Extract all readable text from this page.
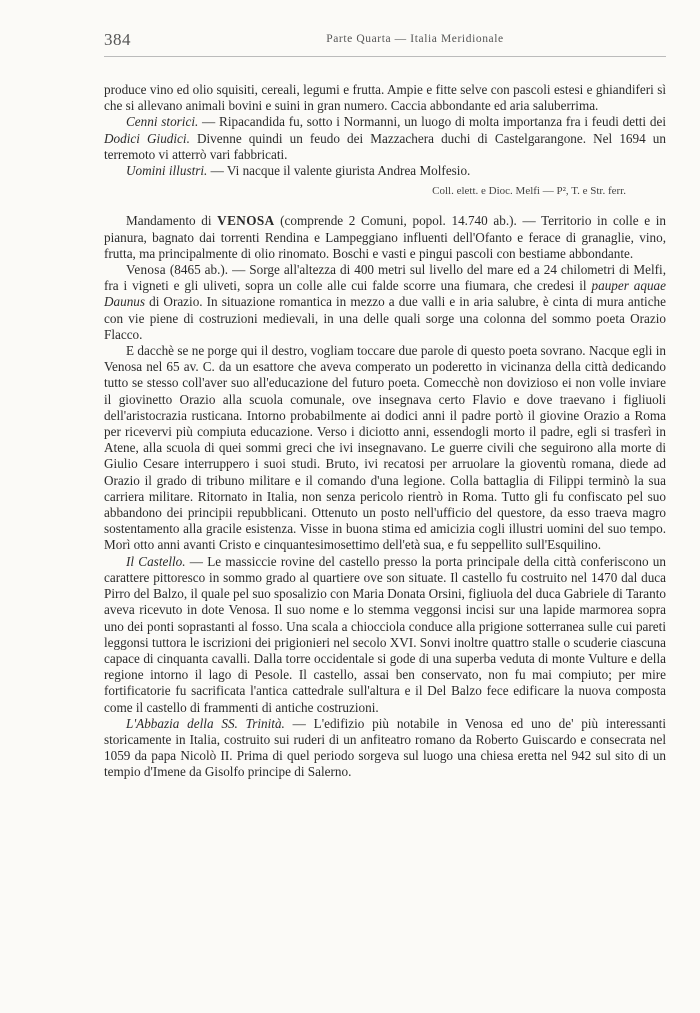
384	Parte Quarta — Italia Meridionale

produce vino ed olio squisiti, cereali, legumi e frutta. Ampie e fitte selve con pascoli estesi e ghiandiferi sì che si allevano animali bovini e suini in gran numero. Caccia abbondante ed aria saluberrima.

Cenni storici. — Ripacandida fu, sotto i Normanni, un luogo di molta importanza fra i feudi detti dei Dodici Giudici. Divenne quindi un feudo dei Mazzachera duchi di Castelgarangone. Nel 1694 un terremoto vi atterrò vari fabbricati.

Uomini illustri. — Vi nacque il valente giurista Andrea Molfesio.

Coll. elett. e Dioc. Melfi — P², T. e Str. ferr.

Mandamento di VENOSA (comprende 2 Comuni, popol. 14.740 ab.). — Territorio in colle e in pianura, bagnato dai torrenti Rendina e Lampeggiano influenti dell'Ofanto e ferace di granaglie, vino, frutta, ma principalmente di olio rinomato. Boschi e vasti e pingui pascoli con bestiame abbondante.

Venosa (8465 ab.). — Sorge all'altezza di 400 metri sul livello del mare ed a 24 chilometri di Melfi, fra i vigneti e gli uliveti, sopra un colle alle cui falde scorre una fiumara, che credesi il pauper aquae Daunus di Orazio. In situazione romantica in mezzo a due valli e in aria salubre, è cinta di mura antiche con vie piene di costruzioni medievali, in una delle quali sorge una colonna del sommo poeta Orazio Flacco.

E dacchè se ne porge qui il destro, vogliam toccare due parole di questo poeta sovrano. Nacque egli in Venosa nel 65 av. C. da un esattore che aveva comperato un poderetto in vicinanza della città dedicando tutto se stesso coll'aver suo all'educazione del futuro poeta. Comecchè non dovizioso ei non volle inviare il giovinetto Orazio alla scuola comunale, ove insegnava certo Flavio e dove traevano i figliuoli dell'aristocrazia rusticana. Intorno probabilmente ai dodici anni il padre portò il giovine Orazio a Roma per ricevervi più compiuta educazione. Verso i diciotto anni, essendogli morto il padre, egli si trasferì in Atene, alla scuola di quei sommi greci che ivi insegnavano. Le guerre civili che seguirono alla morte di Giulio Cesare interruppero i suoi studi. Bruto, ivi recatosi per arruolare la gioventù romana, diede ad Orazio il grado di tribuno militare e il comando d'una legione. Colla battaglia di Filippi terminò la sua carriera militare. Ritornato in Italia, non senza pericolo rientrò in Roma. Tutto gli fu confiscato pel suo abbandono dei principii repubblicani. Ottenuto un posto nell'ufficio del questore, da esso traeva magro sostentamento alla gracile esistenza. Visse in buona stima ed amicizia cogli illustri uomini del suo tempo. Morì otto anni avanti Cristo e cinquantesimosettimo dell'età sua, e fu seppellito sull'Esquilino.

Il Castello. — Le massiccie rovine del castello presso la porta principale della città conferiscono un carattere pittoresco in sommo grado al quartiere ove son situate. Il castello fu costruito nel 1470 dal duca Pirro del Balzo, il quale pel suo sposalizio con Maria Donata Orsini, figliuola del duca Gabriele di Taranto aveva ricevuto in dote Venosa. Il suo nome e lo stemma veggonsi incisi sur una lapide marmorea sopra uno dei ponti soprastanti al fosso. Una scala a chiocciola conduce alla prigione sotterranea sulle cui pareti leggonsi tuttora le iscrizioni dei prigionieri nel secolo XVI. Sonvi inoltre quattro stalle o scuderie ciascuna capace di cinquanta cavalli. Dalla torre occidentale si gode di una superba veduta di monte Vulture e della regione intorno il lago di Pesole. Il castello, assai ben conservato, non fu mai compiuto; per mire fortificatorie fu sacrificata l'antica cattedrale sull'altura e il Del Balzo fece edificare la nuova composta come il castello di frammenti di antiche costruzioni.

L'Abbazia della SS. Trinità. — L'edifizio più notabile in Venosa ed uno de' più interessanti storicamente in Italia, costruito sui ruderi di un anfiteatro romano da Roberto Guiscardo e consecrata nel 1059 da papa Nicolò II. Prima di quel periodo sorgeva sul luogo una chiesa eretta nel 942 sul sito di un tempio d'Imene da Gisolfo principe di Salerno.
